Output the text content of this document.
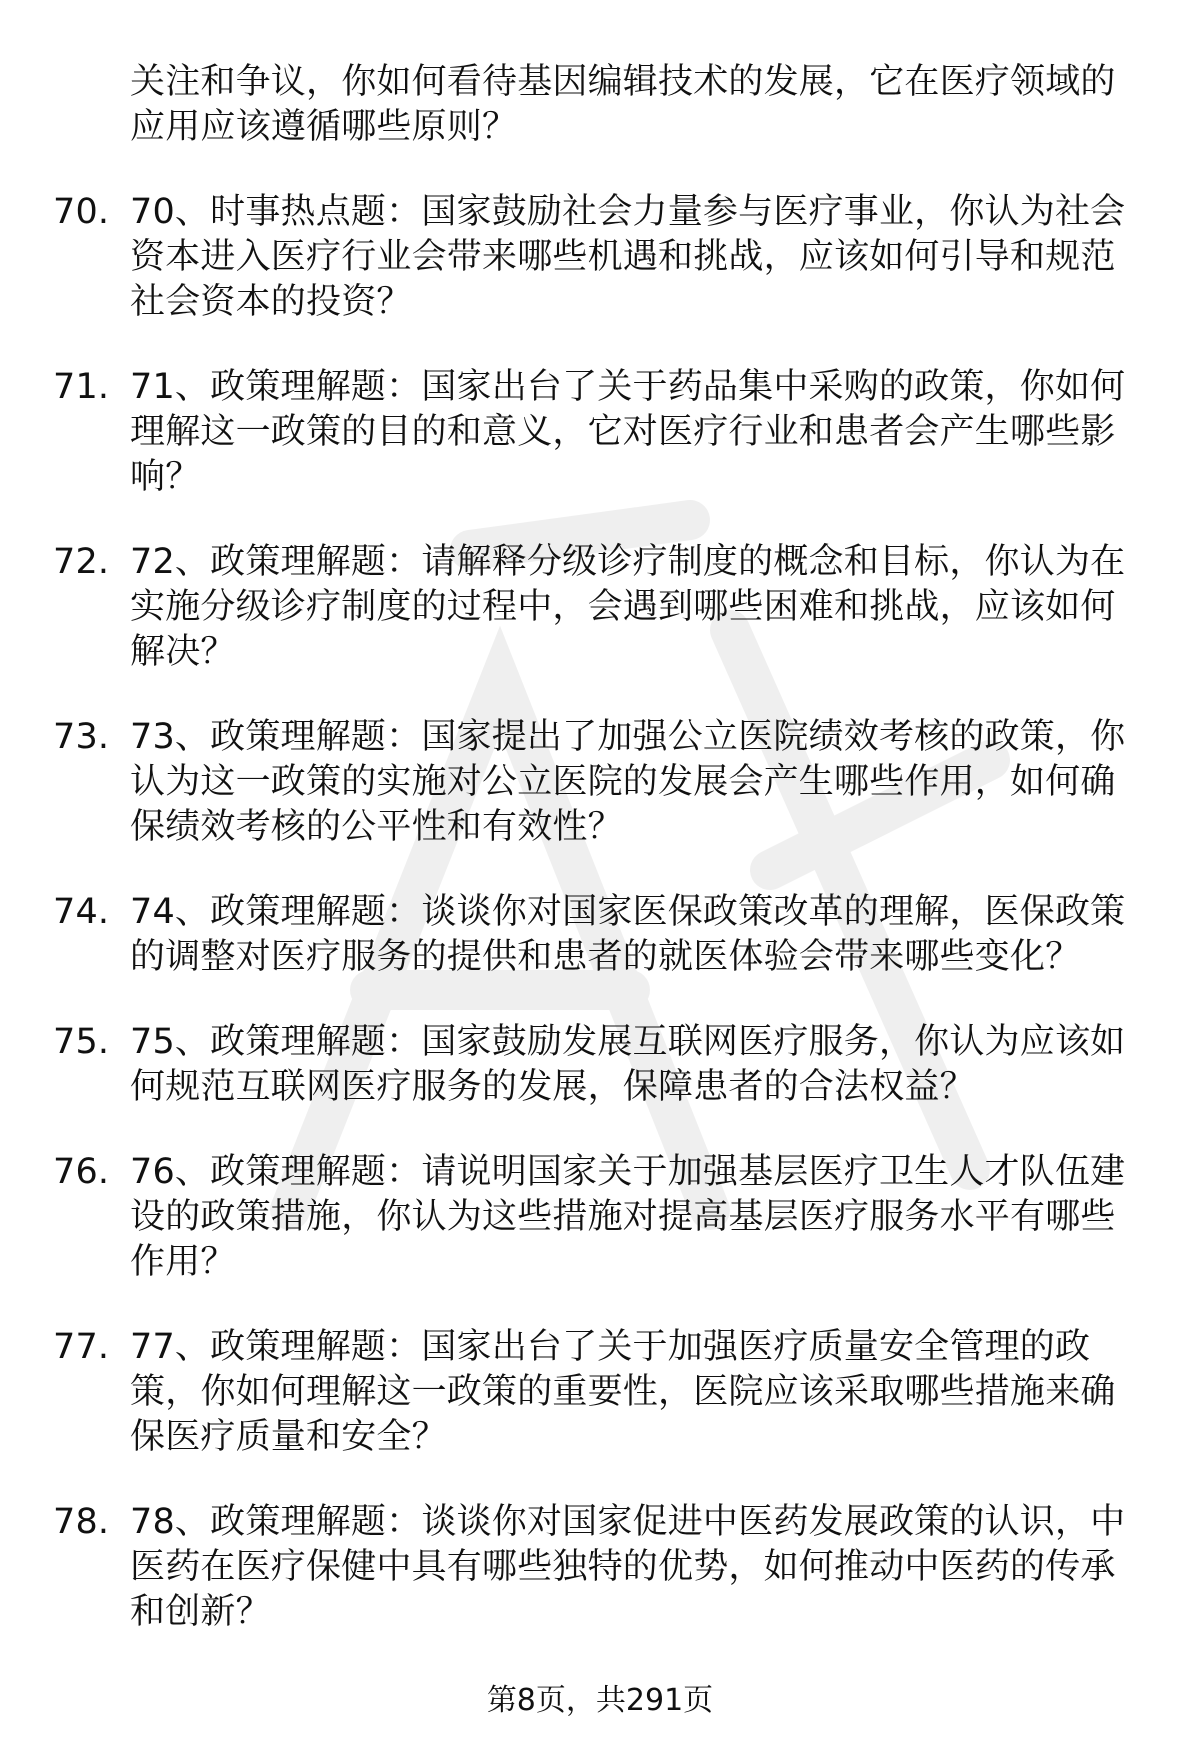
关注和争议，你如何看待基因编辑技术的发展，它在医疗领域的应用应该遵循哪些原则？

70. 70、时事热点题：国家鼓励社会力量参与医疗事业，你认为社会资本进入医疗行业会带来哪些机遇和挑战，应该如何引导和规范社会资本的投资？
71. 71、政策理解题：国家出台了关于药品集中采购的政策，你如何理解这一政策的目的和意义，它对医疗行业和患者会产生哪些影响？
72. 72、政策理解题：请解释分级诊疗制度的概念和目标，你认为在实施分级诊疗制度的过程中，会遇到哪些困难和挑战，应该如何解决？
73. 73、政策理解题：国家提出了加强公立医院绩效考核的政策，你认为这一政策的实施对公立医院的发展会产生哪些作用，如何确保绩效考核的公平性和有效性？
74. 74、政策理解题：谈谈你对国家医保政策改革的理解，医保政策的调整对医疗服务的提供和患者的就医体验会带来哪些变化？
75. 75、政策理解题：国家鼓励发展互联网医疗服务，你认为应该如何规范互联网医疗服务的发展，保障患者的合法权益？
76. 76、政策理解题：请说明国家关于加强基层医疗卫生人才队伍建设的政策措施，你认为这些措施对提高基层医疗服务水平有哪些作用？
77. 77、政策理解题：国家出台了关于加强医疗质量安全管理的政策，你如何理解这一政策的重要性，医院应该采取哪些措施来确保医疗质量和安全？
78. 78、政策理解题：谈谈你对国家促进中医药发展政策的认识，中医药在医疗保健中具有哪些独特的优势，如何推动中医药的传承和创新？
第8页，共291页
